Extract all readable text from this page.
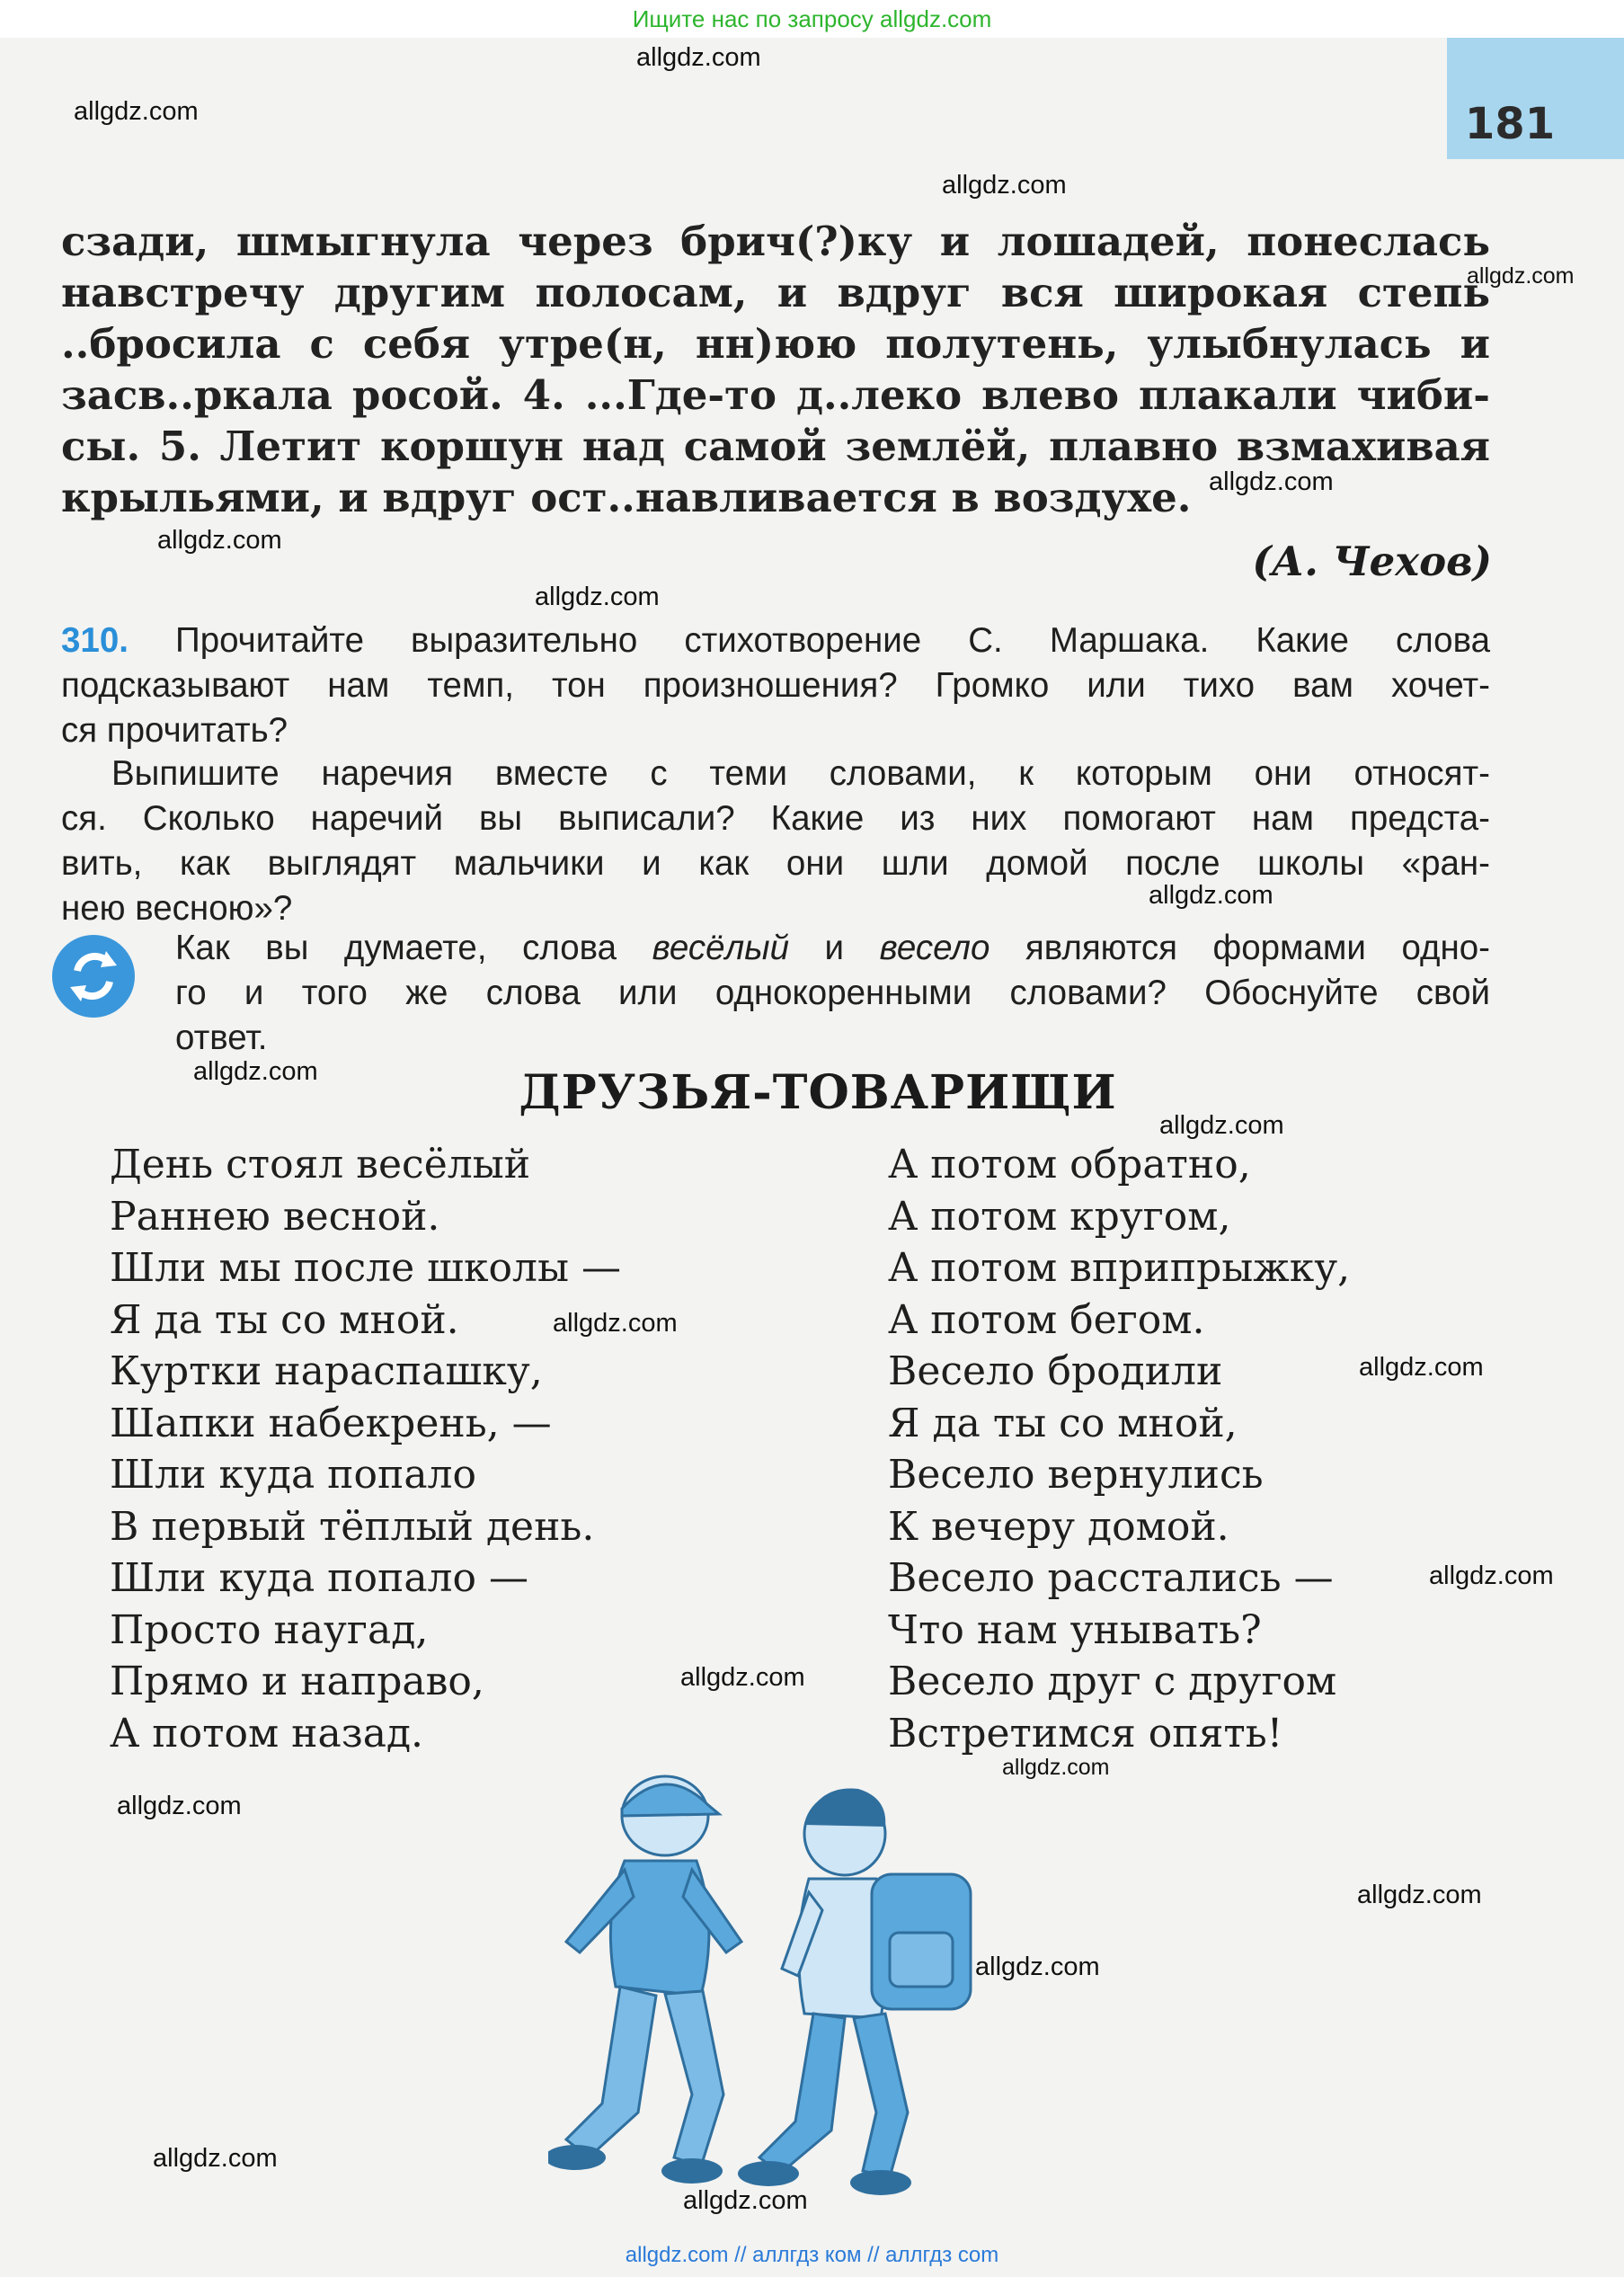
Ищите нас по запросу allgdz.com
181
allgdz.com
allgdz.com
allgdz.com
allgdz.com
allgdz.com
allgdz.com
allgdz.com
allgdz.com
allgdz.com
allgdz.com
allgdz.com
allgdz.com
allgdz.com
allgdz.com
allgdz.com
allgdz.com
allgdz.com
allgdz.com
allgdz.com
allgdz.com
сзади, шмыгнула через брич(?)ку и лошадей, понеслась
навстречу другим полосам, и вдруг вся широкая степь
..бросила с себя утре(н, нн)юю полутень, улыбнулась и
засв..ркала росой. 4. ...Где-то д..леко влево плакали чиби-
сы. 5. Летит коршун над самой землёй, плавно взмахивая
крыльями, и вдруг ост..навливается в воздухе.
(А. Чехов)
310. Прочитайте выразительно стихотворение С. Маршака. Какие слова
подсказывают нам темп, тон произношения? Громко или тихо вам хочет-
ся прочитать?
Выпишите наречия вместе с теми словами, к которым они относят-
ся. Сколько наречий вы выписали? Какие из них помогают нам предста-
вить, как выглядят мальчики и как они шли домой после школы «ран-
нею весною»?
Как вы думаете, слова весёлый и весело являются формами одно-
го и того же слова или однокоренными словами? Обоснуйте свой
ответ.
ДРУЗЬЯ-ТОВАРИЩИ
День стоял весёлый
Раннею весной.
Шли мы после школы —
Я да ты со мной.
Куртки нараспашку,
Шапки набекрень, —
Шли куда попало
В первый тёплый день.
Шли куда попало —
Просто наугад,
Прямо и направо,
А потом назад.
А потом обратно,
А потом кругом,
А потом вприпрыжку,
А потом бегом.
Весело бродили
Я да ты со мной,
Весело вернулись
К вечеру домой.
Весело расстались —
Что нам унывать?
Весело друг с другом
Встретимся опять!
allgdz.com // аллгдз ком // аллгдз com
